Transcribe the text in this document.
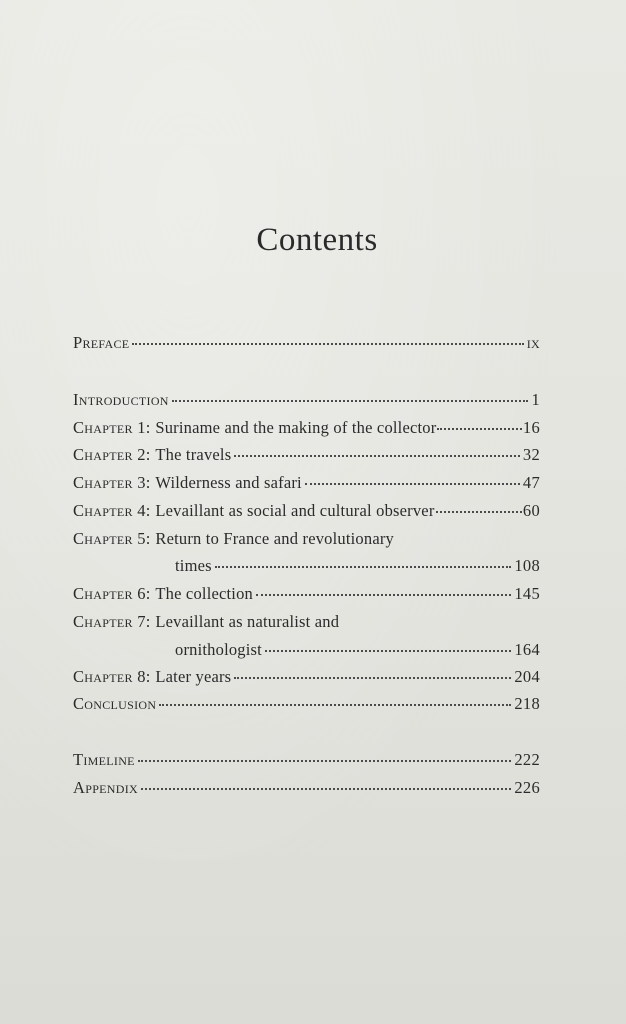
Contents
Preface	ix
Introduction	1
Chapter 1 : Suriname and the making of the collector	16
Chapter 2 : The travels	32
Chapter 3 : Wilderness and safari	47
Chapter 4 : Levaillant as social and cultural observer	60
Chapter 5 : Return to France and revolutionary
times	108
Chapter 6 : The collection	145
Chapter 7 : Levaillant as naturalist and
ornithologist	164
Chapter 8 : Later years	204
Conclusion	218
Timeline	222
Appendix	226
